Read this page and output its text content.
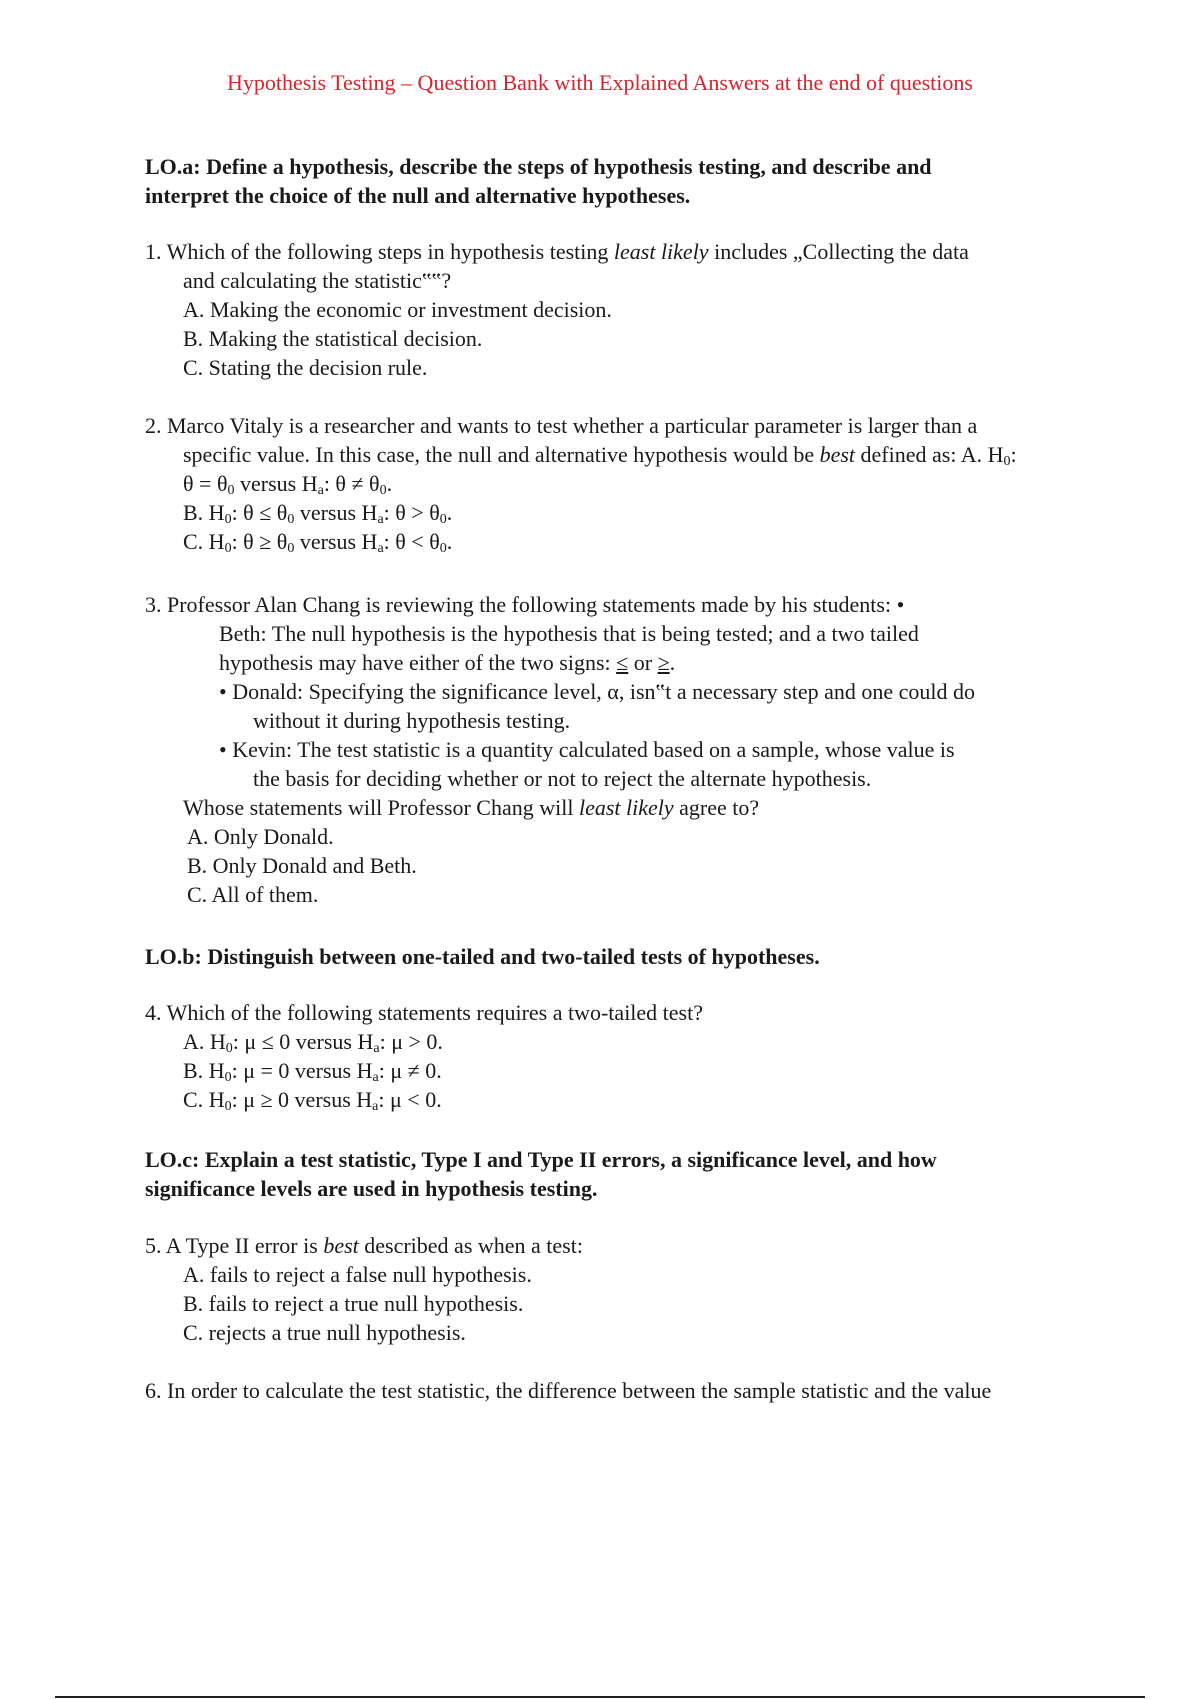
Hypothesis Testing – Question Bank with Explained Answers at the end of questions
LO.a: Define a hypothesis, describe the steps of hypothesis testing, and describe and
interpret the choice of the null and alternative hypotheses.
1. Which of the following steps in hypothesis testing least likely includes „Collecting the data
and calculating the statistic‟‟?
A. Making the economic or investment decision.
B. Making the statistical decision.
C. Stating the decision rule.
2. Marco Vitaly is a researcher and wants to test whether a particular parameter is larger than a
specific value. In this case, the null and alternative hypothesis would be best defined as: A. $H_0$:
$\theta = \theta_0$ versus $H_a$: $\theta \ne \theta_0$.
B. $H_0$: $\theta \le \theta_0$ versus $H_a$: $\theta > \theta_0$.
C. $H_0$: $\theta \ge \theta_0$ versus $H_a$: $\theta < \theta_0$.
3. Professor Alan Chang is reviewing the following statements made by his students: •
Beth: The null hypothesis is the hypothesis that is being tested; and a two tailed
hypothesis may have either of the two signs: ≤ or ≥.
• Donald: Specifying the significance level, α, isn‟t a necessary step and one could do
without it during hypothesis testing.
• Kevin: The test statistic is a quantity calculated based on a sample, whose value is
the basis for deciding whether or not to reject the alternate hypothesis.
Whose statements will Professor Chang will least likely agree to?
A. Only Donald.
B. Only Donald and Beth.
C. All of them.
LO.b: Distinguish between one-tailed and two-tailed tests of hypotheses.
4. Which of the following statements requires a two-tailed test?
A. $H_0$: μ ≤ 0 versus $H_a$: μ > 0.
B. $H_0$: μ = 0 versus $H_a$: μ ≠ 0.
C. $H_0$: μ ≥ 0 versus $H_a$: μ < 0.
LO.c: Explain a test statistic, Type I and Type II errors, a significance level, and how
significance levels are used in hypothesis testing.
5. A Type II error is best described as when a test:
A. fails to reject a false null hypothesis.
B. fails to reject a true null hypothesis.
C. rejects a true null hypothesis.
6. In order to calculate the test statistic, the difference between the sample statistic and the value
